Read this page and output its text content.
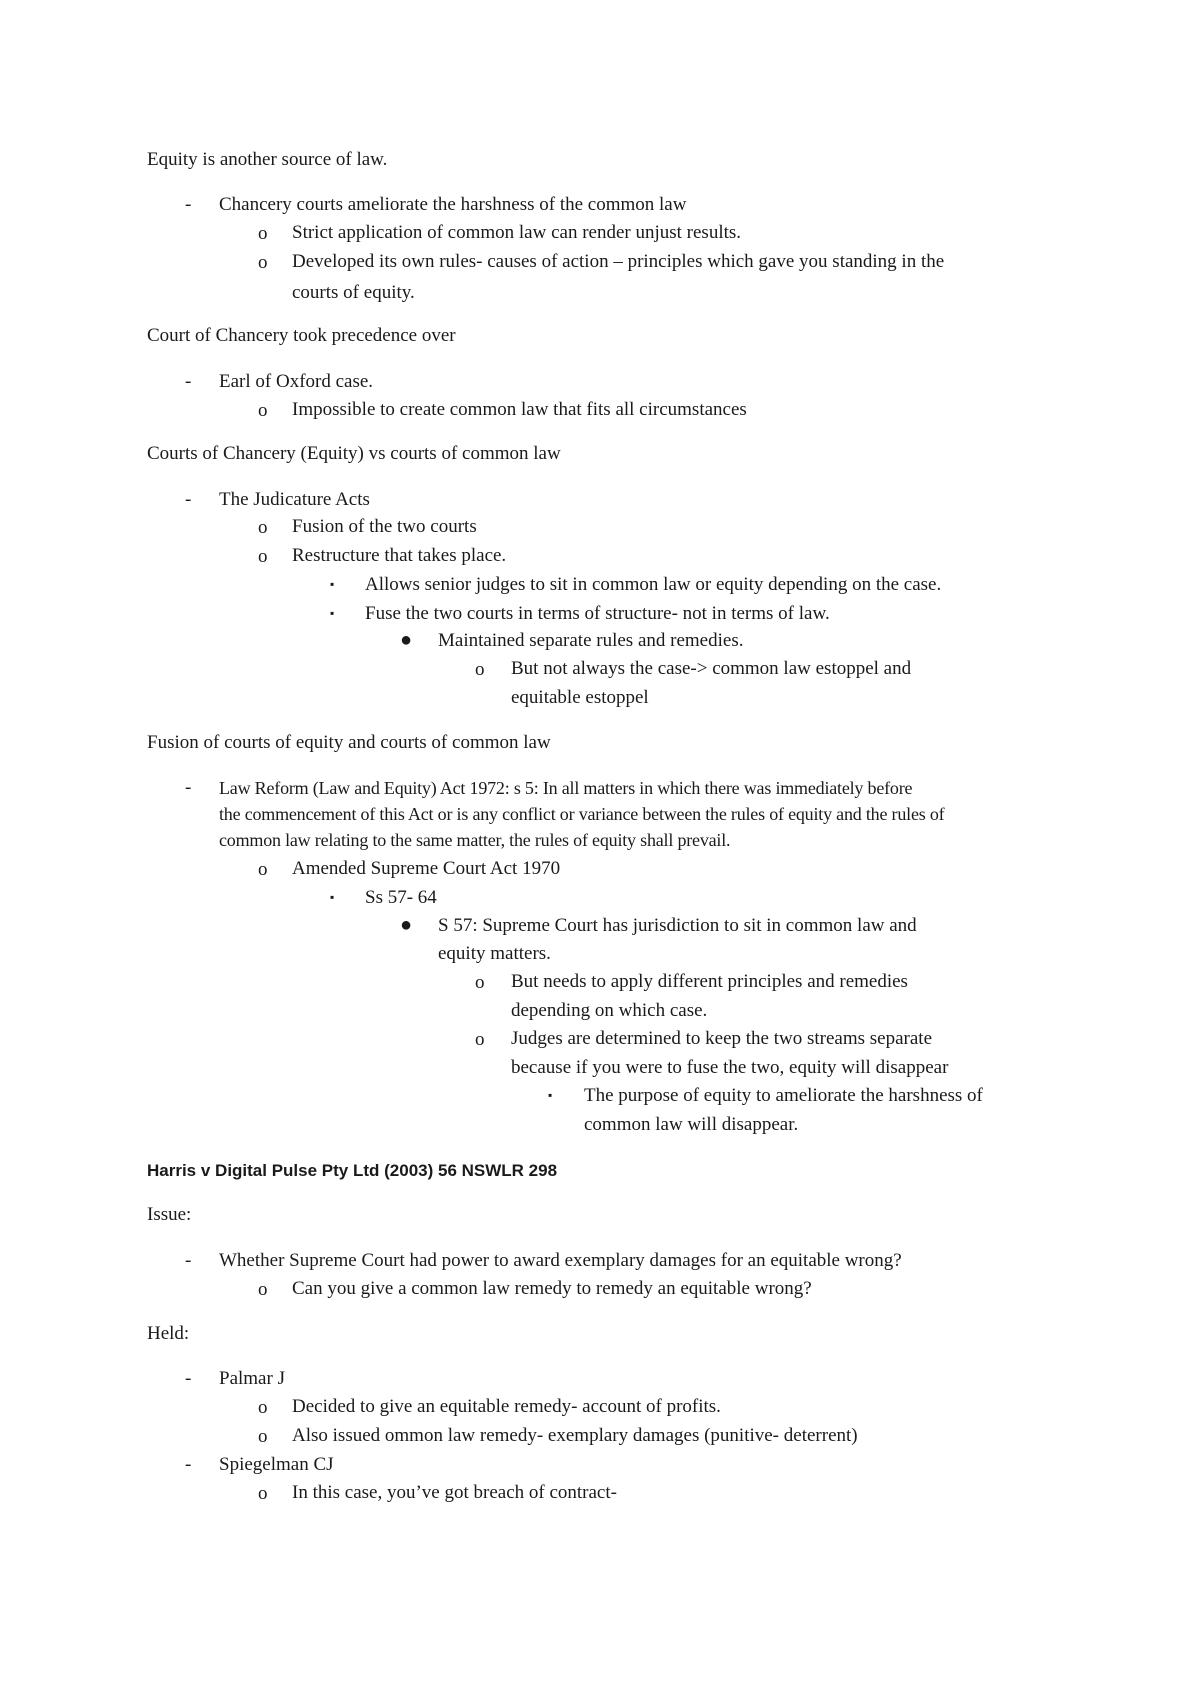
Equity is another source of law.
- Chancery courts ameliorate the harshness of the common law
o Strict application of common law can render unjust results.
o Developed its own rules- causes of action – principles which gave you standing in the
courts of equity.
Court of Chancery took precedence over
- Earl of Oxford case.
o Impossible to create common law that fits all circumstances
Courts of Chancery (Equity) vs courts of common law
- The Judicature Acts
o Fusion of the two courts
o Restructure that takes place.
▪ Allows senior judges to sit in common law or equity depending on the case.
▪ Fuse the two courts in terms of structure- not in terms of law.
● Maintained separate rules and remedies.
o But not always the case-> common law estoppel and
equitable estoppel
Fusion of courts of equity and courts of common law
- Law Reform (Law and Equity) Act 1972: s 5: In all matters in which there was immediately before
the commencement of this Act or is any conflict or variance between the rules of equity and the rules of
common law relating to the same matter, the rules of equity shall prevail.
o Amended Supreme Court Act 1970
▪ Ss 57- 64
● S 57: Supreme Court has jurisdiction to sit in common law and
equity matters.
o But needs to apply different principles and remedies
depending on which case.
o Judges are determined to keep the two streams separate
because if you were to fuse the two, equity will disappear
▪ The purpose of equity to ameliorate the harshness of
common law will disappear.
Harris v Digital Pulse Pty Ltd (2003) 56 NSWLR 298
Issue:
- Whether Supreme Court had power to award exemplary damages for an equitable wrong?
o Can you give a common law remedy to remedy an equitable wrong?
Held:
- Palmar J
o Decided to give an equitable remedy- account of profits.
o Also issued ommon law remedy- exemplary damages (punitive- deterrent)
- Spiegelman CJ
o In this case, you’ve got breach of contract-
